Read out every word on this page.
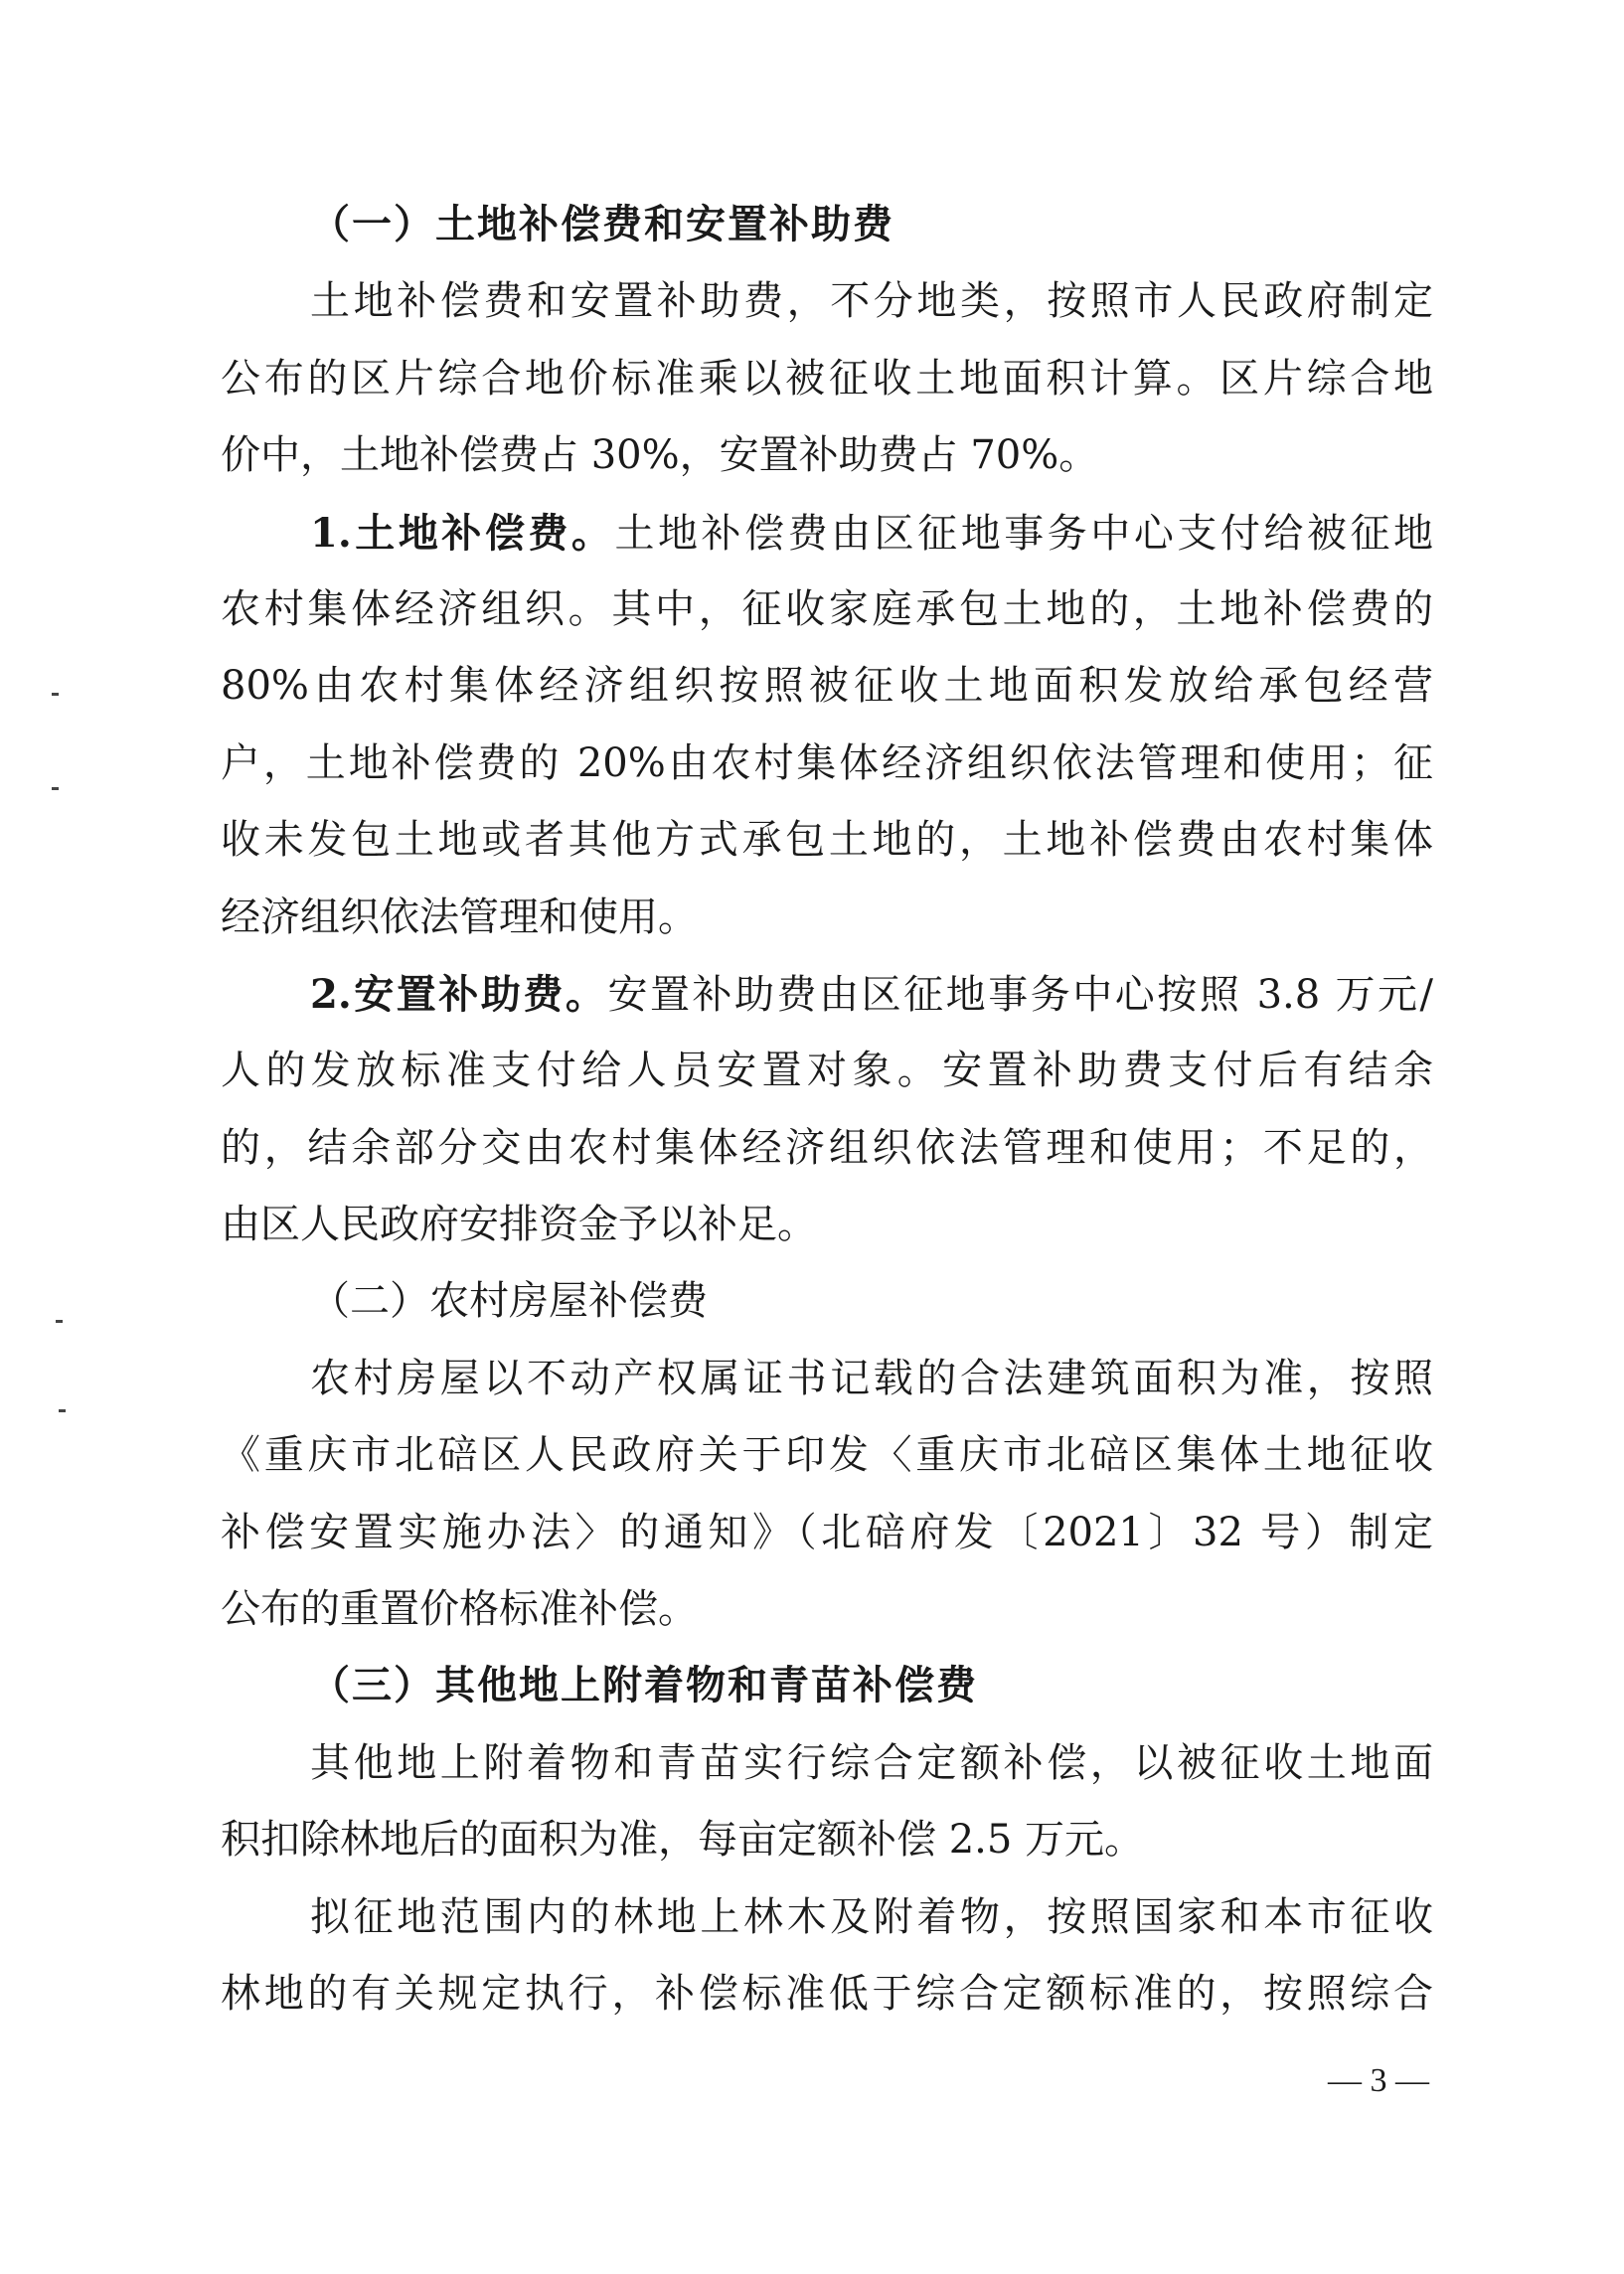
（一）土地补偿费和安置补助费
土地补偿费和安置补助费，不分地类，按照市人民政府制定
公布的区片综合地价标准乘以被征收土地面积计算。区片综合地
价中，土地补偿费占 30%，安置补助费占 70%。
1.土地补偿费。土地补偿费由区征地事务中心支付给被征地
农村集体经济组织。其中，征收家庭承包土地的，土地补偿费的
80%由农村集体经济组织按照被征收土地面积发放给承包经营
户，土地补偿费的 20%由农村集体经济组织依法管理和使用；征
收未发包土地或者其他方式承包土地的，土地补偿费由农村集体
经济组织依法管理和使用。
2.安置补助费。安置补助费由区征地事务中心按照 3.8 万元/
人的发放标准支付给人员安置对象。安置补助费支付后有结余
的，结余部分交由农村集体经济组织依法管理和使用；不足的，
由区人民政府安排资金予以补足。
（二）农村房屋补偿费
农村房屋以不动产权属证书记载的合法建筑面积为准，按照
《重庆市北碚区人民政府关于印发〈重庆市北碚区集体土地征收
补偿安置实施办法〉的通知》（北碚府发〔2021〕32 号）制定
公布的重置价格标准补偿。
（三）其他地上附着物和青苗补偿费
其他地上附着物和青苗实行综合定额补偿，以被征收土地面
积扣除林地后的面积为准，每亩定额补偿 2.5 万元。
拟征地范围内的林地上林木及附着物，按照国家和本市征收
林地的有关规定执行，补偿标准低于综合定额标准的，按照综合
— 3 —
